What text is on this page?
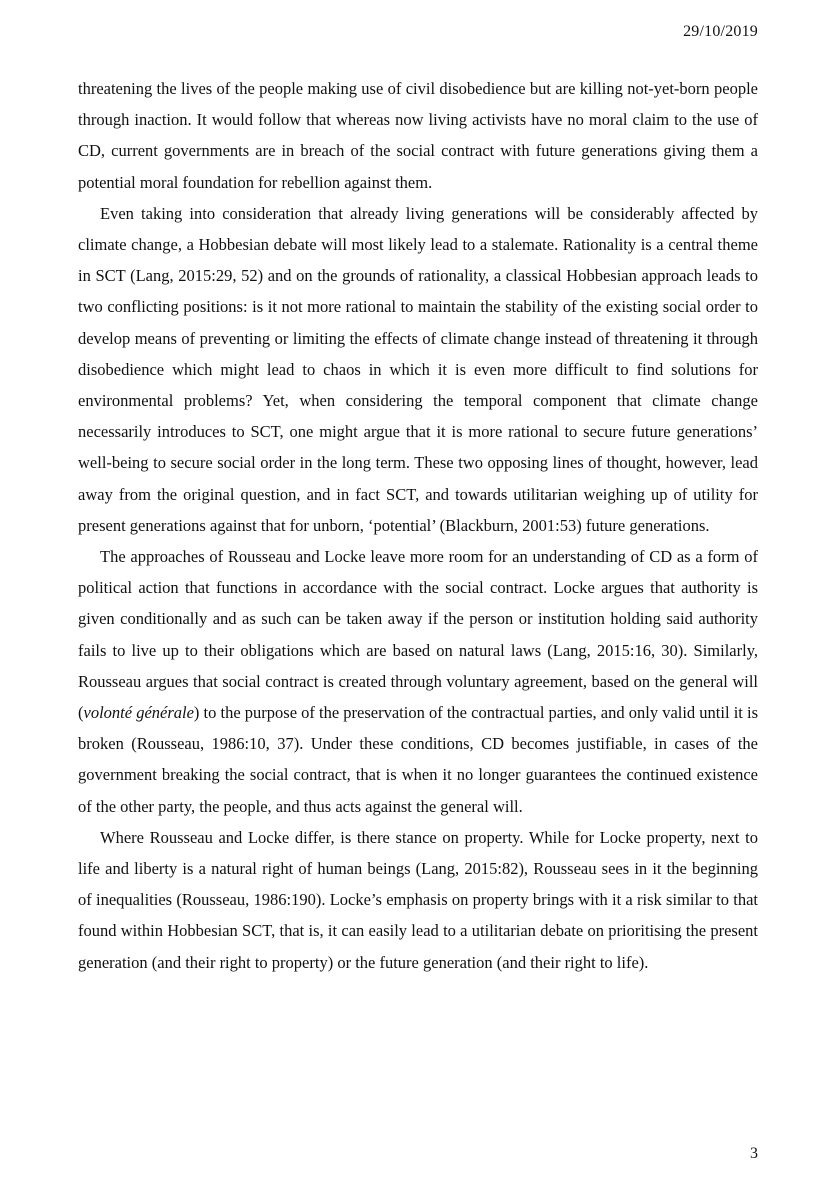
29/10/2019

threatening the lives of the people making use of civil disobedience but are killing not-yet-born people through inaction. It would follow that whereas now living activists have no moral claim to the use of CD, current governments are in breach of the social contract with future generations giving them a potential moral foundation for rebellion against them.

Even taking into consideration that already living generations will be considerably affected by climate change, a Hobbesian debate will most likely lead to a stalemate. Rationality is a central theme in SCT (Lang, 2015:29, 52) and on the grounds of rationality, a classical Hobbesian approach leads to two conflicting positions: is it not more rational to maintain the stability of the existing social order to develop means of preventing or limiting the effects of climate change instead of threatening it through disobedience which might lead to chaos in which it is even more difficult to find solutions for environmental problems? Yet, when considering the temporal component that climate change necessarily introduces to SCT, one might argue that it is more rational to secure future generations’ well-being to secure social order in the long term. These two opposing lines of thought, however, lead away from the original question, and in fact SCT, and towards utilitarian weighing up of utility for present generations against that for unborn, ‘potential’ (Blackburn, 2001:53) future generations.

The approaches of Rousseau and Locke leave more room for an understanding of CD as a form of political action that functions in accordance with the social contract. Locke argues that authority is given conditionally and as such can be taken away if the person or institution holding said authority fails to live up to their obligations which are based on natural laws (Lang, 2015:16, 30). Similarly, Rousseau argues that social contract is created through voluntary agreement, based on the general will (volonté générale) to the purpose of the preservation of the contractual parties, and only valid until it is broken (Rousseau, 1986:10, 37). Under these conditions, CD becomes justifiable, in cases of the government breaking the social contract, that is when it no longer guarantees the continued existence of the other party, the people, and thus acts against the general will.

Where Rousseau and Locke differ, is there stance on property. While for Locke property, next to life and liberty is a natural right of human beings (Lang, 2015:82), Rousseau sees in it the beginning of inequalities (Rousseau, 1986:190). Locke’s emphasis on property brings with it a risk similar to that found within Hobbesian SCT, that is, it can easily lead to a utilitarian debate on prioritising the present generation (and their right to property) or the future generation (and their right to life).

3
